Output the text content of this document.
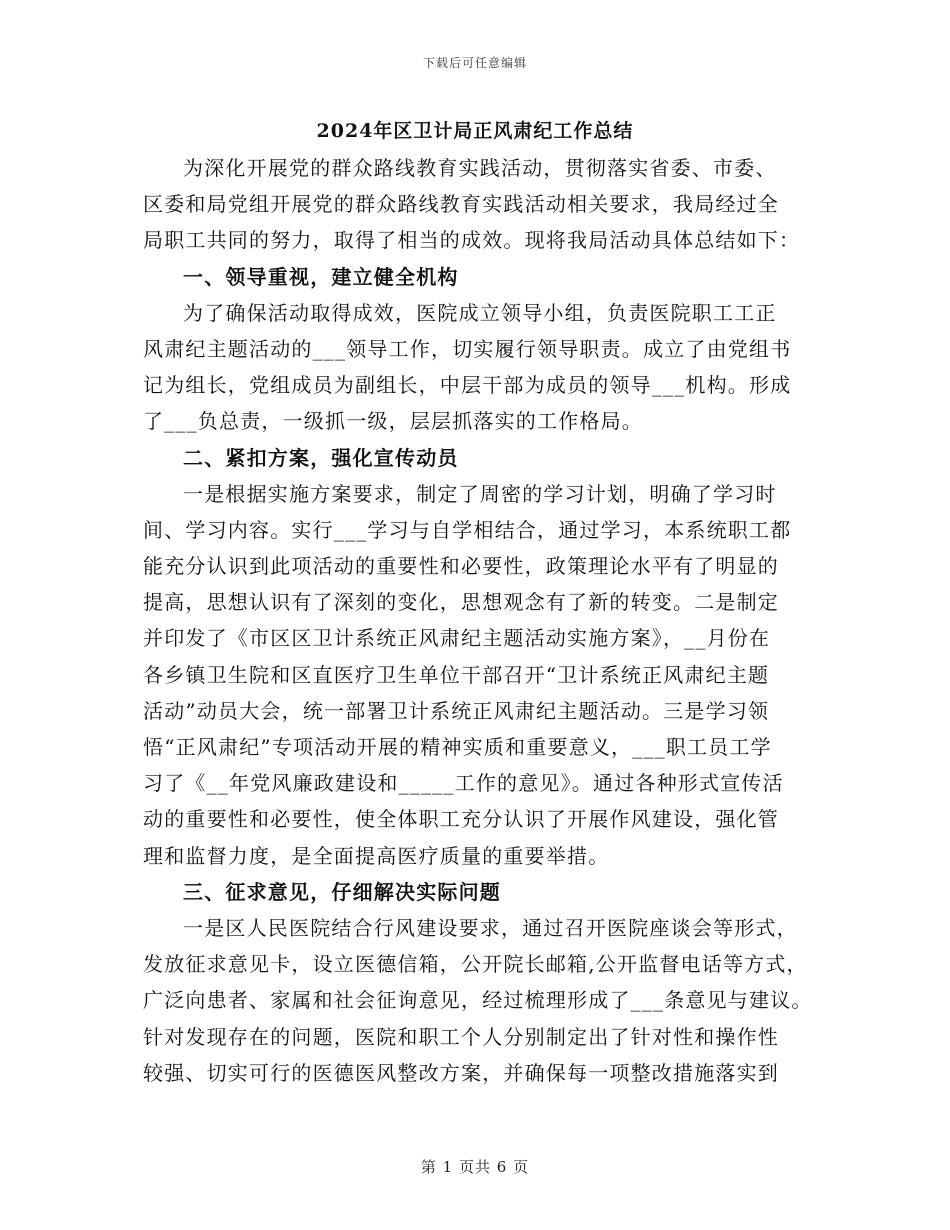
下载后可任意编辑
2024年区卫计局正风肃纪工作总结
为深化开展党的群众路线教育实践活动，贯彻落实省委、市委、
区委和局党组开展党的群众路线教育实践活动相关要求，我局经过全
局职工共同的努力，取得了相当的成效。现将我局活动具体总结如下：
一、领导重视，建立健全机构
为了确保活动取得成效，医院成立领导小组，负责医院职工工正
风肃纪主题活动的___领导工作，切实履行领导职责。成立了由党组书
记为组长，党组成员为副组长，中层干部为成员的领导___机构。形成
了___负总责，一级抓一级，层层抓落实的工作格局。
二、紧扣方案，强化宣传动员
一是根据实施方案要求，制定了周密的学习计划，明确了学习时
间、学习内容。实行___学习与自学相结合，通过学习，本系统职工都
能充分认识到此项活动的重要性和必要性，政策理论水平有了明显的
提高，思想认识有了深刻的变化，思想观念有了新的转变。二是制定
并印发了《市区区卫计系统正风肃纪主题活动实施方案》，__月份在
各乡镇卫生院和区直医疗卫生单位干部召开“卫计系统正风肃纪主题
活动”动员大会，统一部署卫计系统正风肃纪主题活动。三是学习领
悟“正风肃纪”专项活动开展的精神实质和重要意义，___职工员工学
习了《__年党风廉政建设和_____工作的意见》。通过各种形式宣传活
动的重要性和必要性，使全体职工充分认识了开展作风建设，强化管
理和监督力度，是全面提高医疗质量的重要举措。
三、征求意见，仔细解决实际问题
一是区人民医院结合行风建设要求，通过召开医院座谈会等形式，
发放征求意见卡，设立医德信箱，公开院长邮箱,公开监督电话等方式，
广泛向患者、家属和社会征询意见，经过梳理形成了___条意见与建议。
针对发现存在的问题，医院和职工个人分别制定出了针对性和操作性
较强、切实可行的医德医风整改方案，并确保每一项整改措施落实到
第 1 页共 6 页
